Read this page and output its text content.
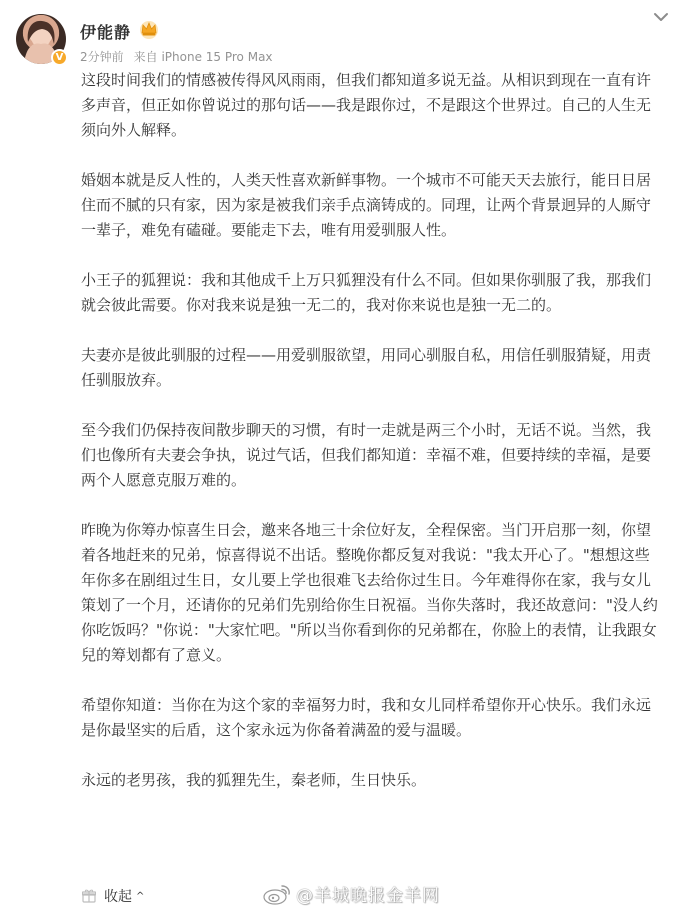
V
伊能静
2分钟前 来自 iPhone 15 Pro Max

这段时间我们的情感被传得风风雨雨，但我们都知道多说无益。从相识到现在一直有许
多声音，但正如你曾说过的那句话——我是跟你过，不是跟这个世界过。自己的人生无
须向外人解释。

婚姻本就是反人性的，人类天性喜欢新鲜事物。一个城市不可能天天去旅行，能日日居
住而不腻的只有家，因为家是被我们亲手点滴铸成的。同理，让两个背景迥异的人厮守
一辈子，难免有磕碰。要能走下去，唯有用爱驯服人性。

小王子的狐狸说：我和其他成千上万只狐狸没有什么不同。但如果你驯服了我，那我们
就会彼此需要。你对我来说是独一无二的，我对你来说也是独一无二的。

夫妻亦是彼此驯服的过程——用爱驯服欲望，用同心驯服自私，用信任驯服猜疑，用责
任驯服放弃。

至今我们仍保持夜间散步聊天的习惯，有时一走就是两三个小时，无话不说。当然，我
们也像所有夫妻会争执，说过气话，但我们都知道：幸福不难，但要持续的幸福，是要
两个人愿意克服万难的。

昨晚为你筹办惊喜生日会，邀来各地三十余位好友，全程保密。当门开启那一刻，你望
着各地赶来的兄弟，惊喜得说不出话。整晚你都反复对我说："我太开心了。"想想这些
年你多在剧组过生日，女儿要上学也很难飞去给你过生日。今年难得你在家，我与女儿
策划了一个月，还请你的兄弟们先别给你生日祝福。当你失落时，我还故意问："没人约
你吃饭吗？"你说："大家忙吧。"所以当你看到你的兄弟都在，你脸上的表情，让我跟女
兒的筹划都有了意义。

希望你知道：当你在为这个家的幸福努力时，我和女儿同样希望你开心快乐。我们永远
是你最坚实的后盾，这个家永远为你备着满盈的爱与温暖。

永远的老男孩，我的狐狸先生，秦老师，生日快乐。

收起 ^	@羊城晚报金羊网
